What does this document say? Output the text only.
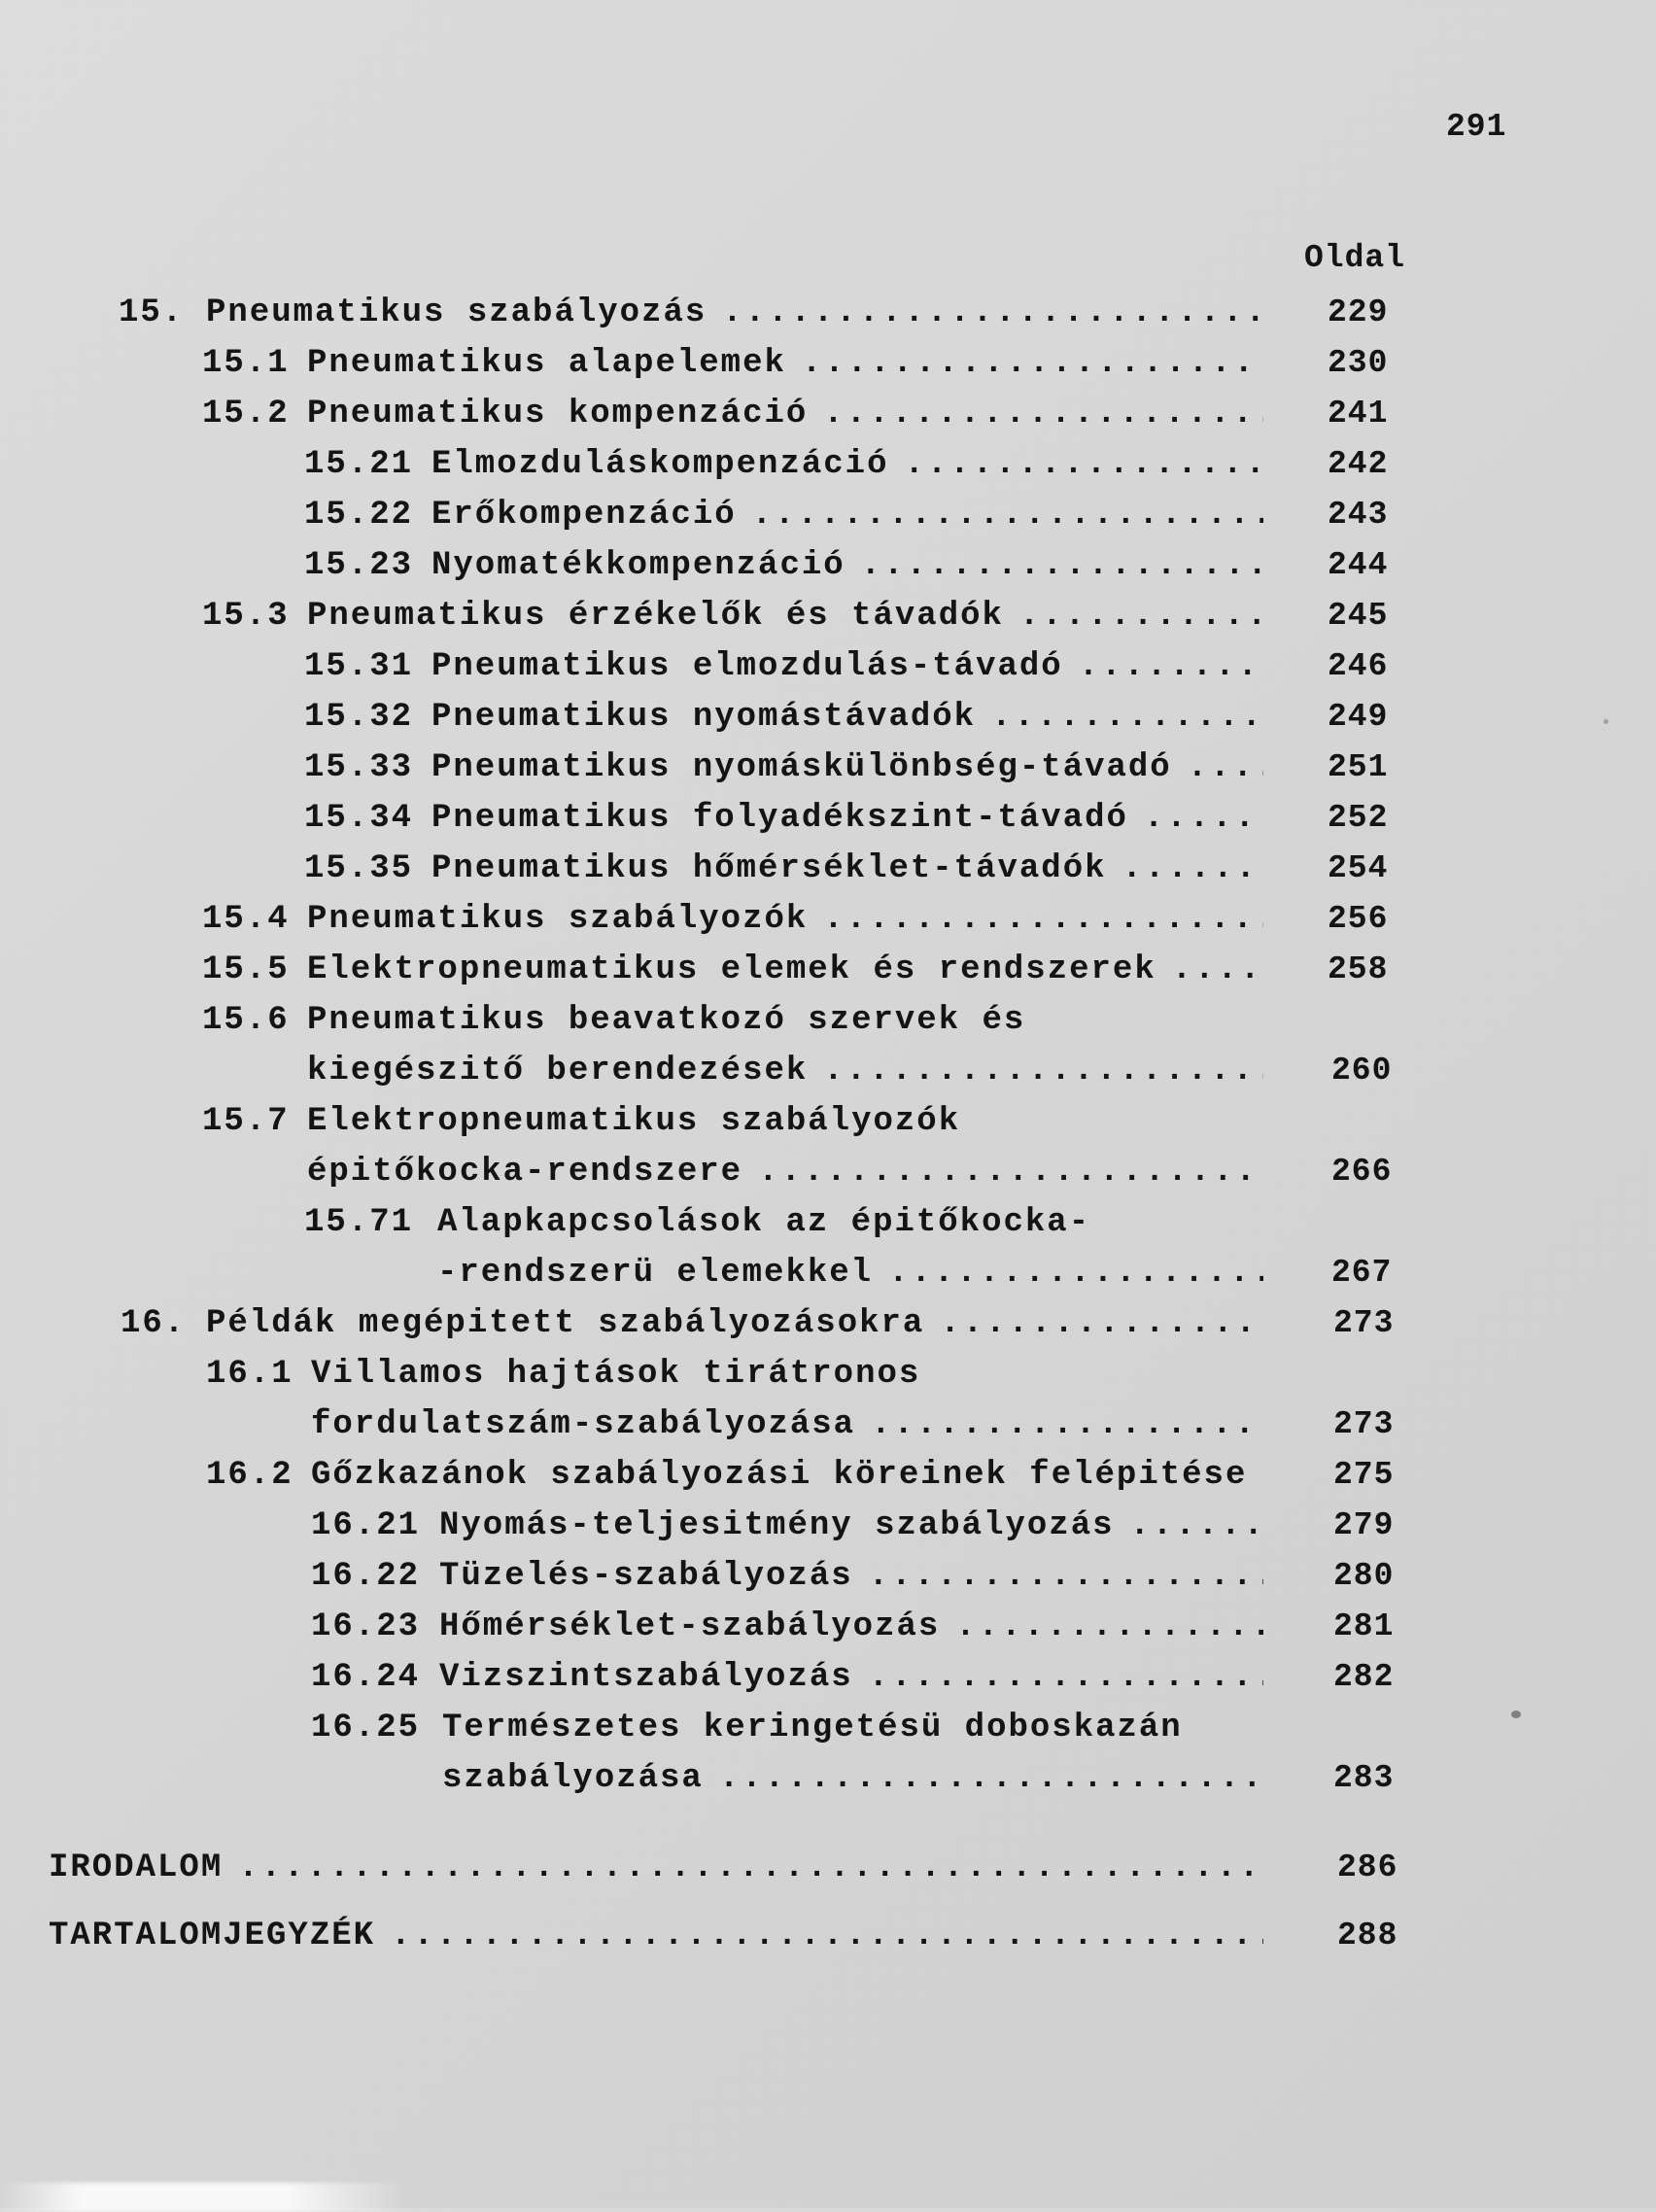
291
Oldal
15. Pneumatikus szabályozás .....	229
15.1 Pneumatikus alapelemek .....	230
15.2 Pneumatikus kompenzáció .....	241
15.21 Elmozduláskompenzáció .....	242
15.22 Erőkompenzáció .....	243
15.23 Nyomatékkompenzáció .....	244
15.3 Pneumatikus érzékelők és távadók .....	245
15.31 Pneumatikus elmozdulás-távadó .....	246
15.32 Pneumatikus nyomástávadók .....	249
15.33 Pneumatikus nyomáskülönbség-távadó .....	251
15.34 Pneumatikus folyadékszint-távadó .....	252
15.35 Pneumatikus hőmérséklet-távadók .....	254
15.4 Pneumatikus szabályozók .....	256
15.5 Elektropneumatikus elemek és rendszerek .....	258
15.6 Pneumatikus beavatkozó szervek és
kiegészitő berendezések .....	260
15.7 Elektropneumatikus szabályozók
épitőkocka-rendszere .....	266
15.71 Alapkapcsolások az épitőkocka-
-rendszerü elemekkel .....	267
16. Példák megépitett szabályozásokra .....	273
16.1 Villamos hajtások tirátronos
fordulatszám-szabályozása .....	273
16.2 Gőzkazánok szabályozási köreinek felépitése .....	275
16.21 Nyomás-teljesitmény szabályozás .....	279
16.22 Tüzelés-szabályozás .....	280
16.23 Hőmérséklet-szabályozás .....	281
16.24 Vizszintszabályozás .....	282
16.25 Természetes keringetésü doboskazán
szabályozása .....	283
IRODALOM .....	286
TARTALOMJEGYZÉK .....	288
